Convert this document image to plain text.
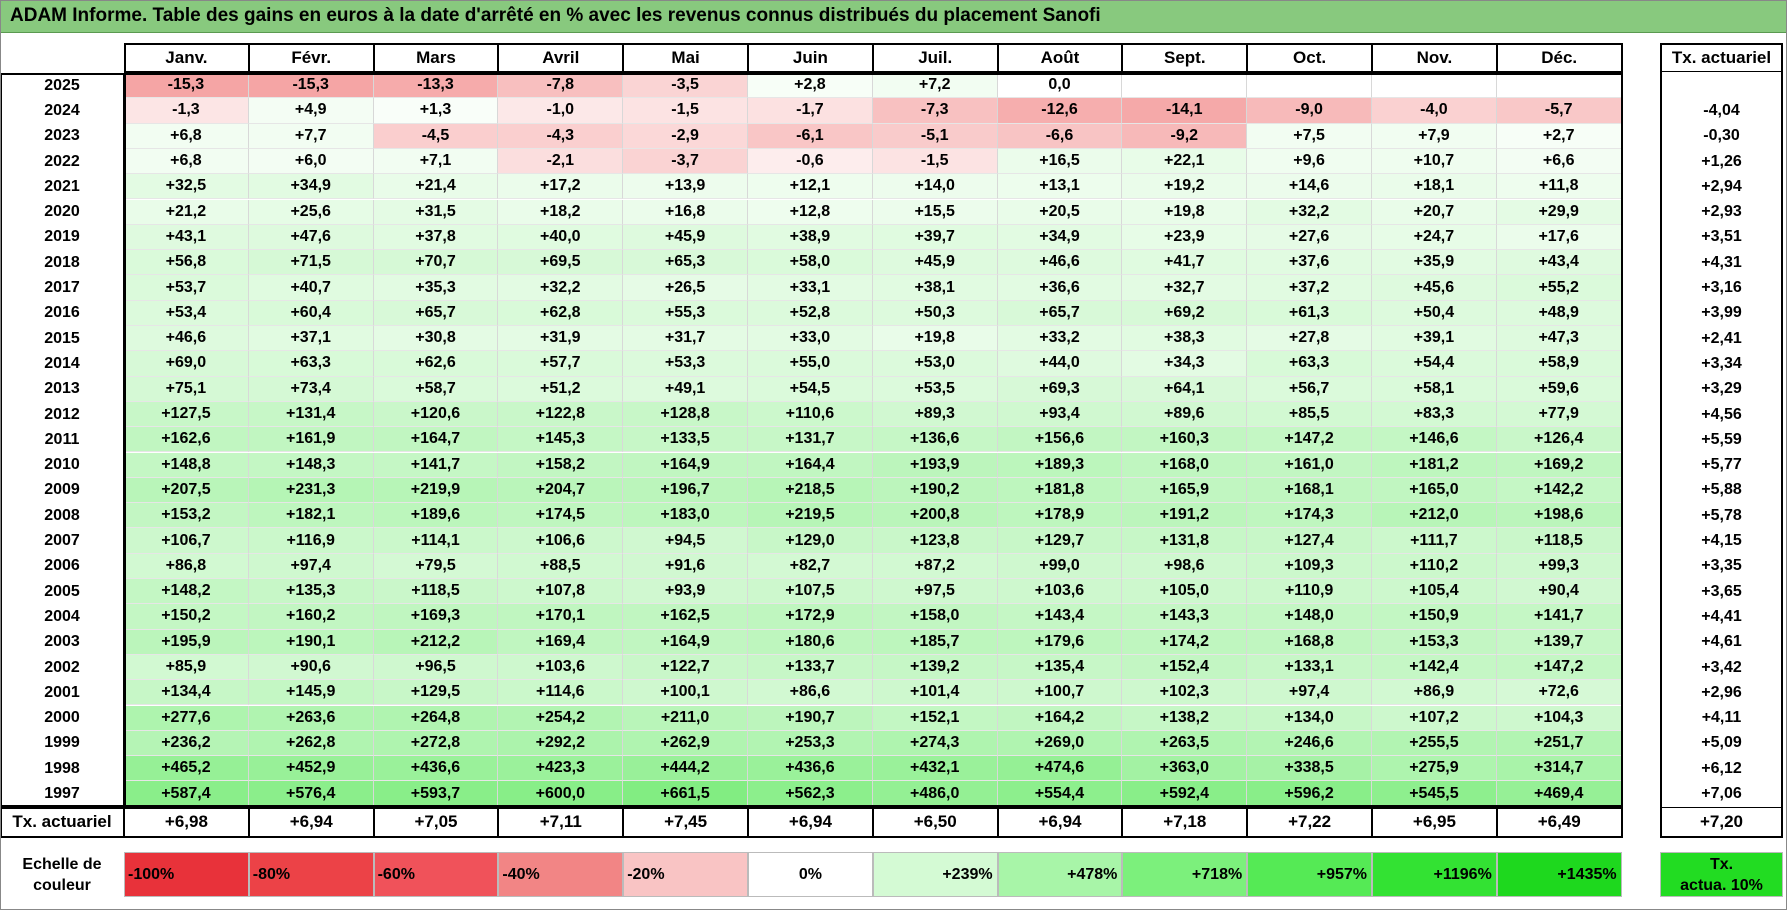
ADAM Informe. Table des gains en euros à la date d'arrêté en % avec les revenus connus distribués du placement Sanofi
Janv.	Févr.	Mars	Avril	Mai	Juin	Juil.	Août	Sept.	Oct.	Nov.	Déc.	Tx. actuariel
2025	-15,3	-15,3	-13,3	-7,8	-3,5	+2,8	+7,2	0,0
2024	-1,3	+4,9	+1,3	-1,0	-1,5	-1,7	-7,3	-12,6	-14,1	-9,0	-4,0	-5,7	-4,04
2023	+6,8	+7,7	-4,5	-4,3	-2,9	-6,1	-5,1	-6,6	-9,2	+7,5	+7,9	+2,7	-0,30
2022	+6,8	+6,0	+7,1	-2,1	-3,7	-0,6	-1,5	+16,5	+22,1	+9,6	+10,7	+6,6	+1,26
2021	+32,5	+34,9	+21,4	+17,2	+13,9	+12,1	+14,0	+13,1	+19,2	+14,6	+18,1	+11,8	+2,94
2020	+21,2	+25,6	+31,5	+18,2	+16,8	+12,8	+15,5	+20,5	+19,8	+32,2	+20,7	+29,9	+2,93
2019	+43,1	+47,6	+37,8	+40,0	+45,9	+38,9	+39,7	+34,9	+23,9	+27,6	+24,7	+17,6	+3,51
2018	+56,8	+71,5	+70,7	+69,5	+65,3	+58,0	+45,9	+46,6	+41,7	+37,6	+35,9	+43,4	+4,31
2017	+53,7	+40,7	+35,3	+32,2	+26,5	+33,1	+38,1	+36,6	+32,7	+37,2	+45,6	+55,2	+3,16
2016	+53,4	+60,4	+65,7	+62,8	+55,3	+52,8	+50,3	+65,7	+69,2	+61,3	+50,4	+48,9	+3,99
2015	+46,6	+37,1	+30,8	+31,9	+31,7	+33,0	+19,8	+33,2	+38,3	+27,8	+39,1	+47,3	+2,41
2014	+69,0	+63,3	+62,6	+57,7	+53,3	+55,0	+53,0	+44,0	+34,3	+63,3	+54,4	+58,9	+3,34
2013	+75,1	+73,4	+58,7	+51,2	+49,1	+54,5	+53,5	+69,3	+64,1	+56,7	+58,1	+59,6	+3,29
2012	+127,5	+131,4	+120,6	+122,8	+128,8	+110,6	+89,3	+93,4	+89,6	+85,5	+83,3	+77,9	+4,56
2011	+162,6	+161,9	+164,7	+145,3	+133,5	+131,7	+136,6	+156,6	+160,3	+147,2	+146,6	+126,4	+5,59
2010	+148,8	+148,3	+141,7	+158,2	+164,9	+164,4	+193,9	+189,3	+168,0	+161,0	+181,2	+169,2	+5,77
2009	+207,5	+231,3	+219,9	+204,7	+196,7	+218,5	+190,2	+181,8	+165,9	+168,1	+165,0	+142,2	+5,88
2008	+153,2	+182,1	+189,6	+174,5	+183,0	+219,5	+200,8	+178,9	+191,2	+174,3	+212,0	+198,6	+5,78
2007	+106,7	+116,9	+114,1	+106,6	+94,5	+129,0	+123,8	+129,7	+131,8	+127,4	+111,7	+118,5	+4,15
2006	+86,8	+97,4	+79,5	+88,5	+91,6	+82,7	+87,2	+99,0	+98,6	+109,3	+110,2	+99,3	+3,35
2005	+148,2	+135,3	+118,5	+107,8	+93,9	+107,5	+97,5	+103,6	+105,0	+110,9	+105,4	+90,4	+3,65
2004	+150,2	+160,2	+169,3	+170,1	+162,5	+172,9	+158,0	+143,4	+143,3	+148,0	+150,9	+141,7	+4,41
2003	+195,9	+190,1	+212,2	+169,4	+164,9	+180,6	+185,7	+179,6	+174,2	+168,8	+153,3	+139,7	+4,61
2002	+85,9	+90,6	+96,5	+103,6	+122,7	+133,7	+139,2	+135,4	+152,4	+133,1	+142,4	+147,2	+3,42
2001	+134,4	+145,9	+129,5	+114,6	+100,1	+86,6	+101,4	+100,7	+102,3	+97,4	+86,9	+72,6	+2,96
2000	+277,6	+263,6	+264,8	+254,2	+211,0	+190,7	+152,1	+164,2	+138,2	+134,0	+107,2	+104,3	+4,11
1999	+236,2	+262,8	+272,8	+292,2	+262,9	+253,3	+274,3	+269,0	+263,5	+246,6	+255,5	+251,7	+5,09
1998	+465,2	+452,9	+436,6	+423,3	+444,2	+436,6	+432,1	+474,6	+363,0	+338,5	+275,9	+314,7	+6,12
1997	+587,4	+576,4	+593,7	+600,0	+661,5	+562,3	+486,0	+554,4	+592,4	+596,2	+545,5	+469,4	+7,06
Tx. actuariel	+6,98	+6,94	+7,05	+7,11	+7,45	+6,94	+6,50	+6,94	+7,18	+7,22	+6,95	+6,49	+7,20
Echelle de
couleur
-100%	-80%	-60%	-40%	-20%	0%	+239%	+478%	+718%	+957%	+1196%	+1435%
Tx.
actua. 10%
